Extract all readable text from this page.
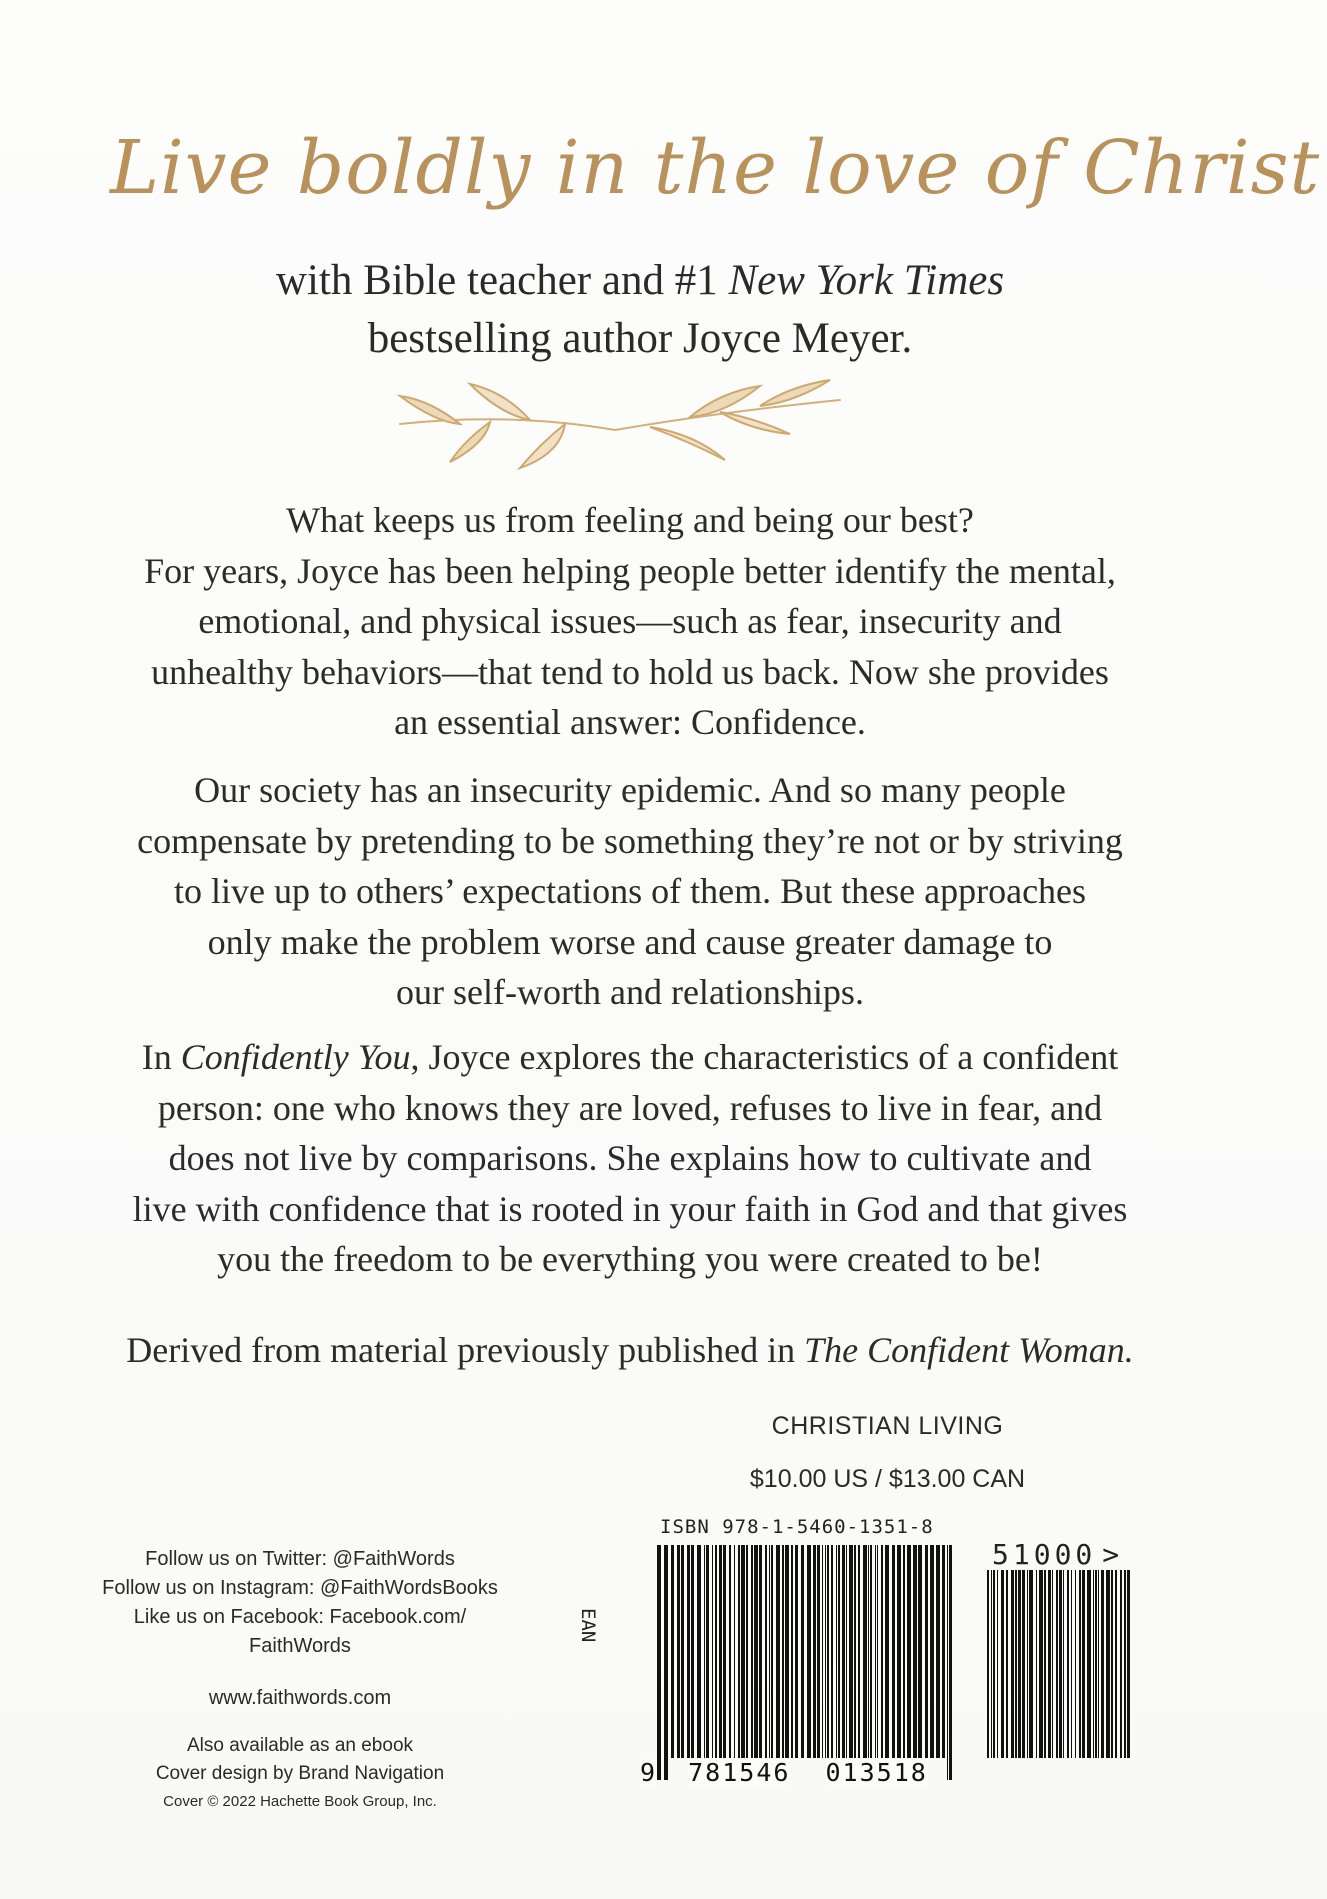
Live boldly in the love of Christ
with Bible teacher and #1 New York Times
bestselling author Joyce Meyer.
What keeps us from feeling and being our best?
For years, Joyce has been helping people better identify the mental,
emotional, and physical issues—such as fear, insecurity and
unhealthy behaviors—that tend to hold us back. Now she provides
an essential answer: Confidence.
Our society has an insecurity epidemic. And so many people
compensate by pretending to be something they’re not or by striving
to live up to others’ expectations of them. But these approaches
only make the problem worse and cause greater damage to
our self-worth and relationships.
In Confidently You, Joyce explores the characteristics of a confident
person: one who knows they are loved, refuses to live in fear, and
does not live by comparisons. She explains how to cultivate and
live with confidence that is rooted in your faith in God and that gives
you the freedom to be everything you were created to be!
Derived from material previously published in The Confident Woman.
CHRISTIAN LIVING
$10.00 US / $13.00 CAN
Follow us on Twitter: @FaithWords
Follow us on Instagram: @FaithWordsBooks
Like us on Facebook: Facebook.com/
FaithWords
www.faithwords.com
Also available as an ebook
Cover design by Brand Navigation
Cover © 2022 Hachette Book Group, Inc.
ISBN 978-1-5460-1351-8
EAN
9 781546 013518
51000 >
